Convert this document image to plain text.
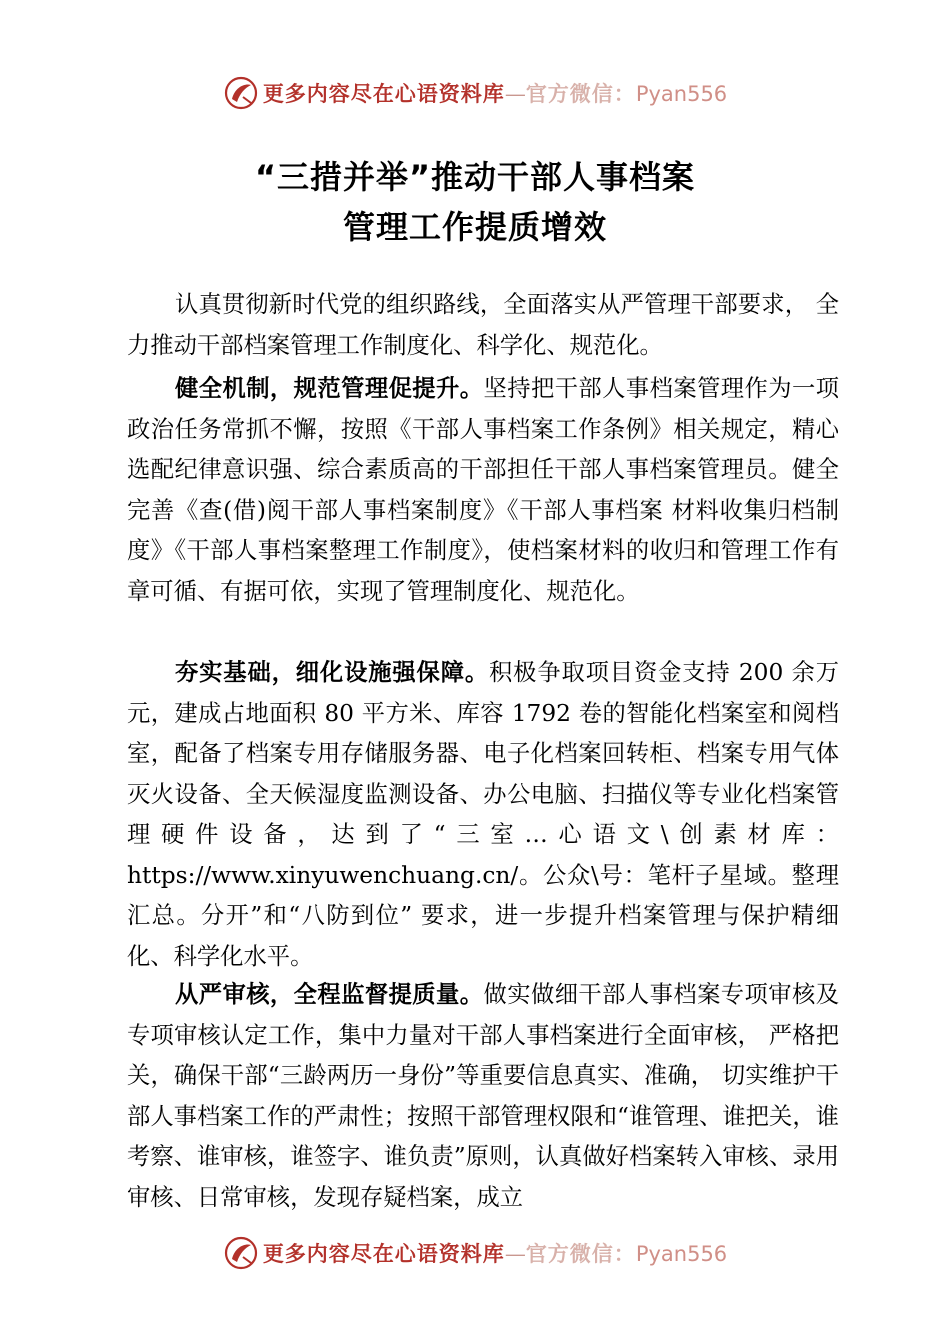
更多内容尽在心语资料库—官方微信：Pyan556
“三措并举”推动干部人事档案
管理工作提质增效
认真贯彻新时代党的组织路线，全面落实从严管理干部要求， 全力推动干部档案管理工作制度化、科学化、规范化。
健全机制，规范管理促提升。坚持把干部人事档案管理作为一项政治任务常抓不懈，按照《干部人事档案工作条例》相关规定，精心选配纪律意识强、综合素质高的干部担任干部人事档案管理员。健全完善《查(借)阅干部人事档案制度》《干部人事档案 材料收集归档制度》《干部人事档案整理工作制度》，使档案材料的收归和管理工作有章可循、有据可依，实现了管理制度化、规范化。
夯实基础，细化设施强保障。积极争取项目资金支持 200 余万元，建成占地面积 80 平方米、库容 1792 卷的智能化档案室和阅档室，配备了档案专用存储服务器、电子化档案回转柜、档案专用气体灭火设备、全天候湿度监测设备、办公电脑、扫描仪等专业化档案管理硬件设备，达到了“三室…心语文\创素材库：https://www.xinyuwenchuang.cn/。公众\号：笔杆子星域。整理汇总。分开”和“八防到位” 要求，进一步提升档案管理与保护精细化、科学化水平。
从严审核，全程监督提质量。做实做细干部人事档案专项审核及专项审核认定工作，集中力量对干部人事档案进行全面审核， 严格把关，确保干部“三龄两历一身份”等重要信息真实、准确， 切实维护干部人事档案工作的严肃性；按照干部管理权限和“谁管理、谁把关，谁考察、谁审核，谁签字、谁负责”原则，认真做好档案转入审核、录用审核、日常审核，发现存疑档案，成立
更多内容尽在心语资料库—官方微信：Pyan556
